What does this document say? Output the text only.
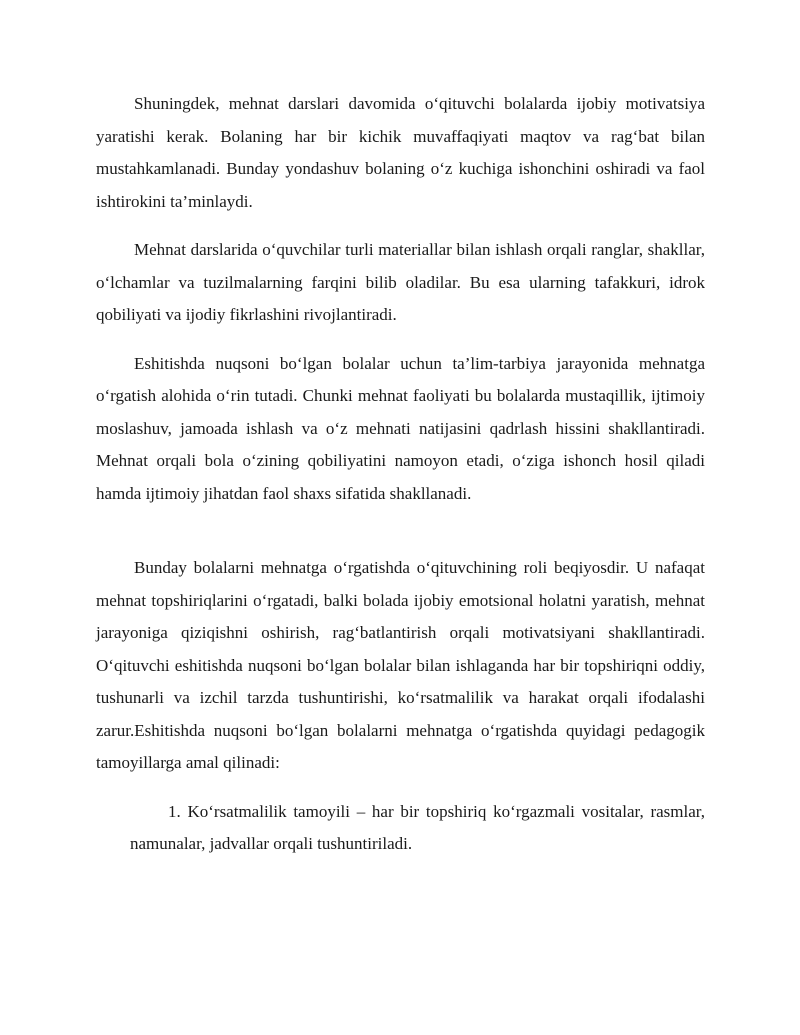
Shuningdek, mehnat darslari davomida o‘qituvchi bolalarda ijobiy motivatsiya yaratishi kerak. Bolaning har bir kichik muvaffaqiyati maqtov va rag‘bat bilan mustahkamlanadi. Bunday yondashuv bolaning o‘z kuchiga ishonchini oshiradi va faol ishtirokini ta’minlaydi.

Mehnat darslarida o‘quvchilar turli materiallar bilan ishlash orqali ranglar, shakllar, o‘lchamlar va tuzilmalarning farqini bilib oladilar. Bu esa ularning tafakkuri, idrok qobiliyati va ijodiy fikrlashini rivojlantiradi.

Eshitishda nuqsoni bo‘lgan bolalar uchun ta’lim-tarbiya jarayonida mehnatga o‘rgatish alohida o‘rin tutadi. Chunki mehnat faoliyati bu bolalarda mustaqillik, ijtimoiy moslashuv, jamoada ishlash va o‘z mehnati natijasini qadrlash hissini shakllantiradi. Mehnat orqali bola o‘zining qobiliyatini namoyon etadi, o‘ziga ishonch hosil qiladi hamda ijtimoiy jihatdan faol shaxs sifatida shakllanadi.

Bunday bolalarni mehnatga o‘rgatishda o‘qituvchining roli beqiyosdir. U nafaqat mehnat topshiriqlarini o‘rgatadi, balki bolada ijobiy emotsional holatni yaratish, mehnat jarayoniga qiziqishni oshirish, rag‘batlantirish orqali motivatsiyani shakllantiradi. O‘qituvchi eshitishda nuqsoni bo‘lgan bolalar bilan ishlaganda har bir topshiriqni oddiy, tushunarli va izchil tarzda tushuntirishi, ko‘rsatmalilik va harakat orqali ifodalashi zarur.Eshitishda nuqsoni bo‘lgan bolalarni mehnatga o‘rgatishda quyidagi pedagogik tamoyillarga amal qilinadi:

1. Ko‘rsatmalilik tamoyili – har bir topshiriq ko‘rgazmali vositalar, rasmlar, namunalar, jadvallar orqali tushuntiriladi.
